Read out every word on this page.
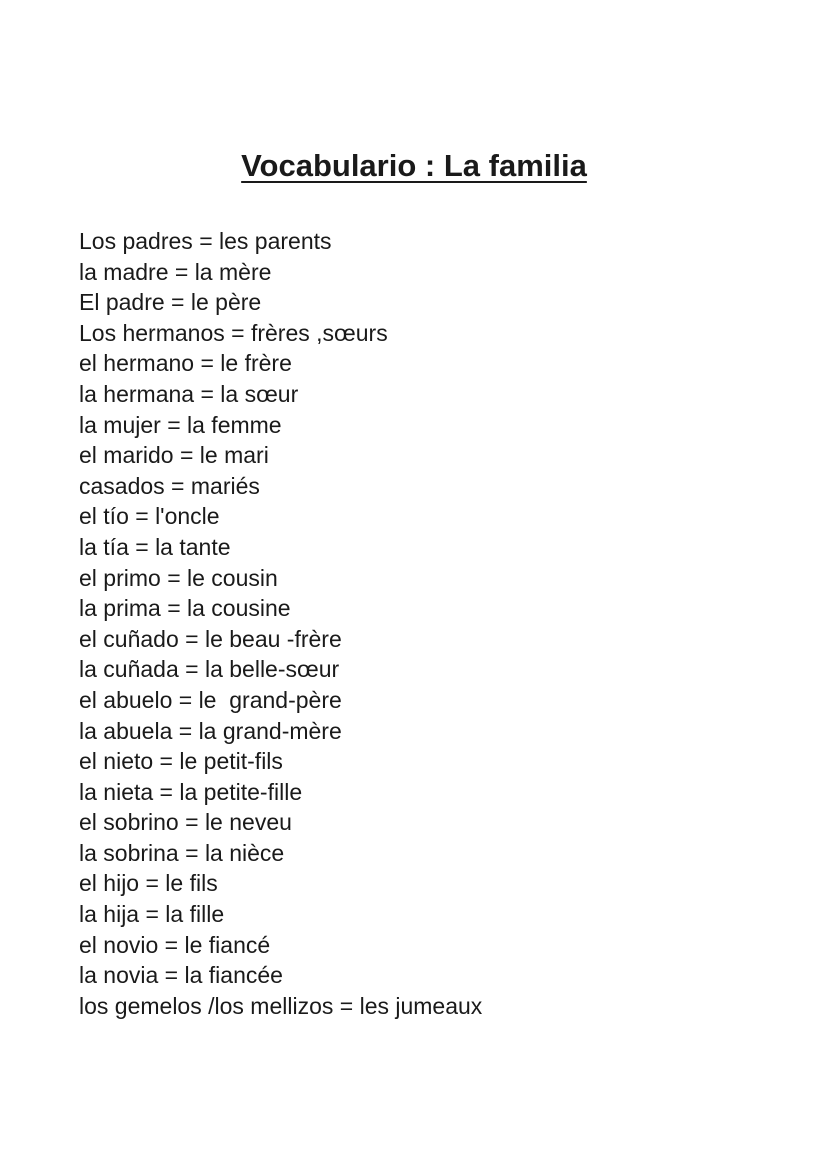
Vocabulario : La familia
Los padres = les parents
la madre = la mère
El padre = le père
Los hermanos = frères ,sœurs
el hermano = le frère
la hermana = la sœur
la mujer = la femme
el marido = le mari
casados = mariés
el tío = l'oncle
la tía = la tante
el primo = le cousin
la prima = la cousine
el cuñado = le beau -frère
la cuñada = la belle-sœur
el abuelo = le  grand-père
la abuela = la grand-mère
el nieto = le petit-fils
la nieta = la petite-fille
el sobrino = le neveu
la sobrina = la nièce
el hijo = le fils
la hija = la fille
el novio = le fiancé
la novia = la fiancée
los gemelos /los mellizos = les jumeaux
